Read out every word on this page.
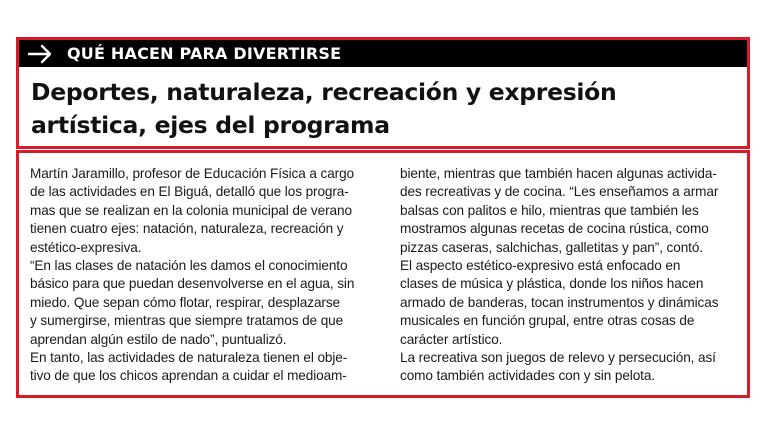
QUÉ HACEN PARA DIVERTIRSE
Deportes, naturaleza, recreación y expresión
artística, ejes del programa
Martín Jaramillo, profesor de Educación Física a cargo
de las actividades en El Biguá, detalló que los progra-
mas que se realizan en la colonia municipal de verano
tienen cuatro ejes: natación, naturaleza, recreación y
estético-expresiva.
“En las clases de natación les damos el conocimiento
básico para que puedan desenvolverse en el agua, sin
miedo. Que sepan cómo flotar, respirar, desplazarse
y sumergirse, mientras que siempre tratamos de que
aprendan algún estilo de nado”, puntualizó.
En tanto, las actividades de naturaleza tienen el obje-
tivo de que los chicos aprendan a cuidar el medioam-
biente, mientras que también hacen algunas activida-
des recreativas y de cocina. “Les enseñamos a armar
balsas con palitos e hilo, mientras que también les
mostramos algunas recetas de cocina rústica, como
pizzas caseras, salchichas, galletitas y pan”, contó.
El aspecto estético-expresivo está enfocado en
clases de música y plástica, donde los niños hacen
armado de banderas, tocan instrumentos y dinámicas
musicales en función grupal, entre otras cosas de
carácter artístico.
La recreativa son juegos de relevo y persecución, así
como también actividades con y sin pelota.
